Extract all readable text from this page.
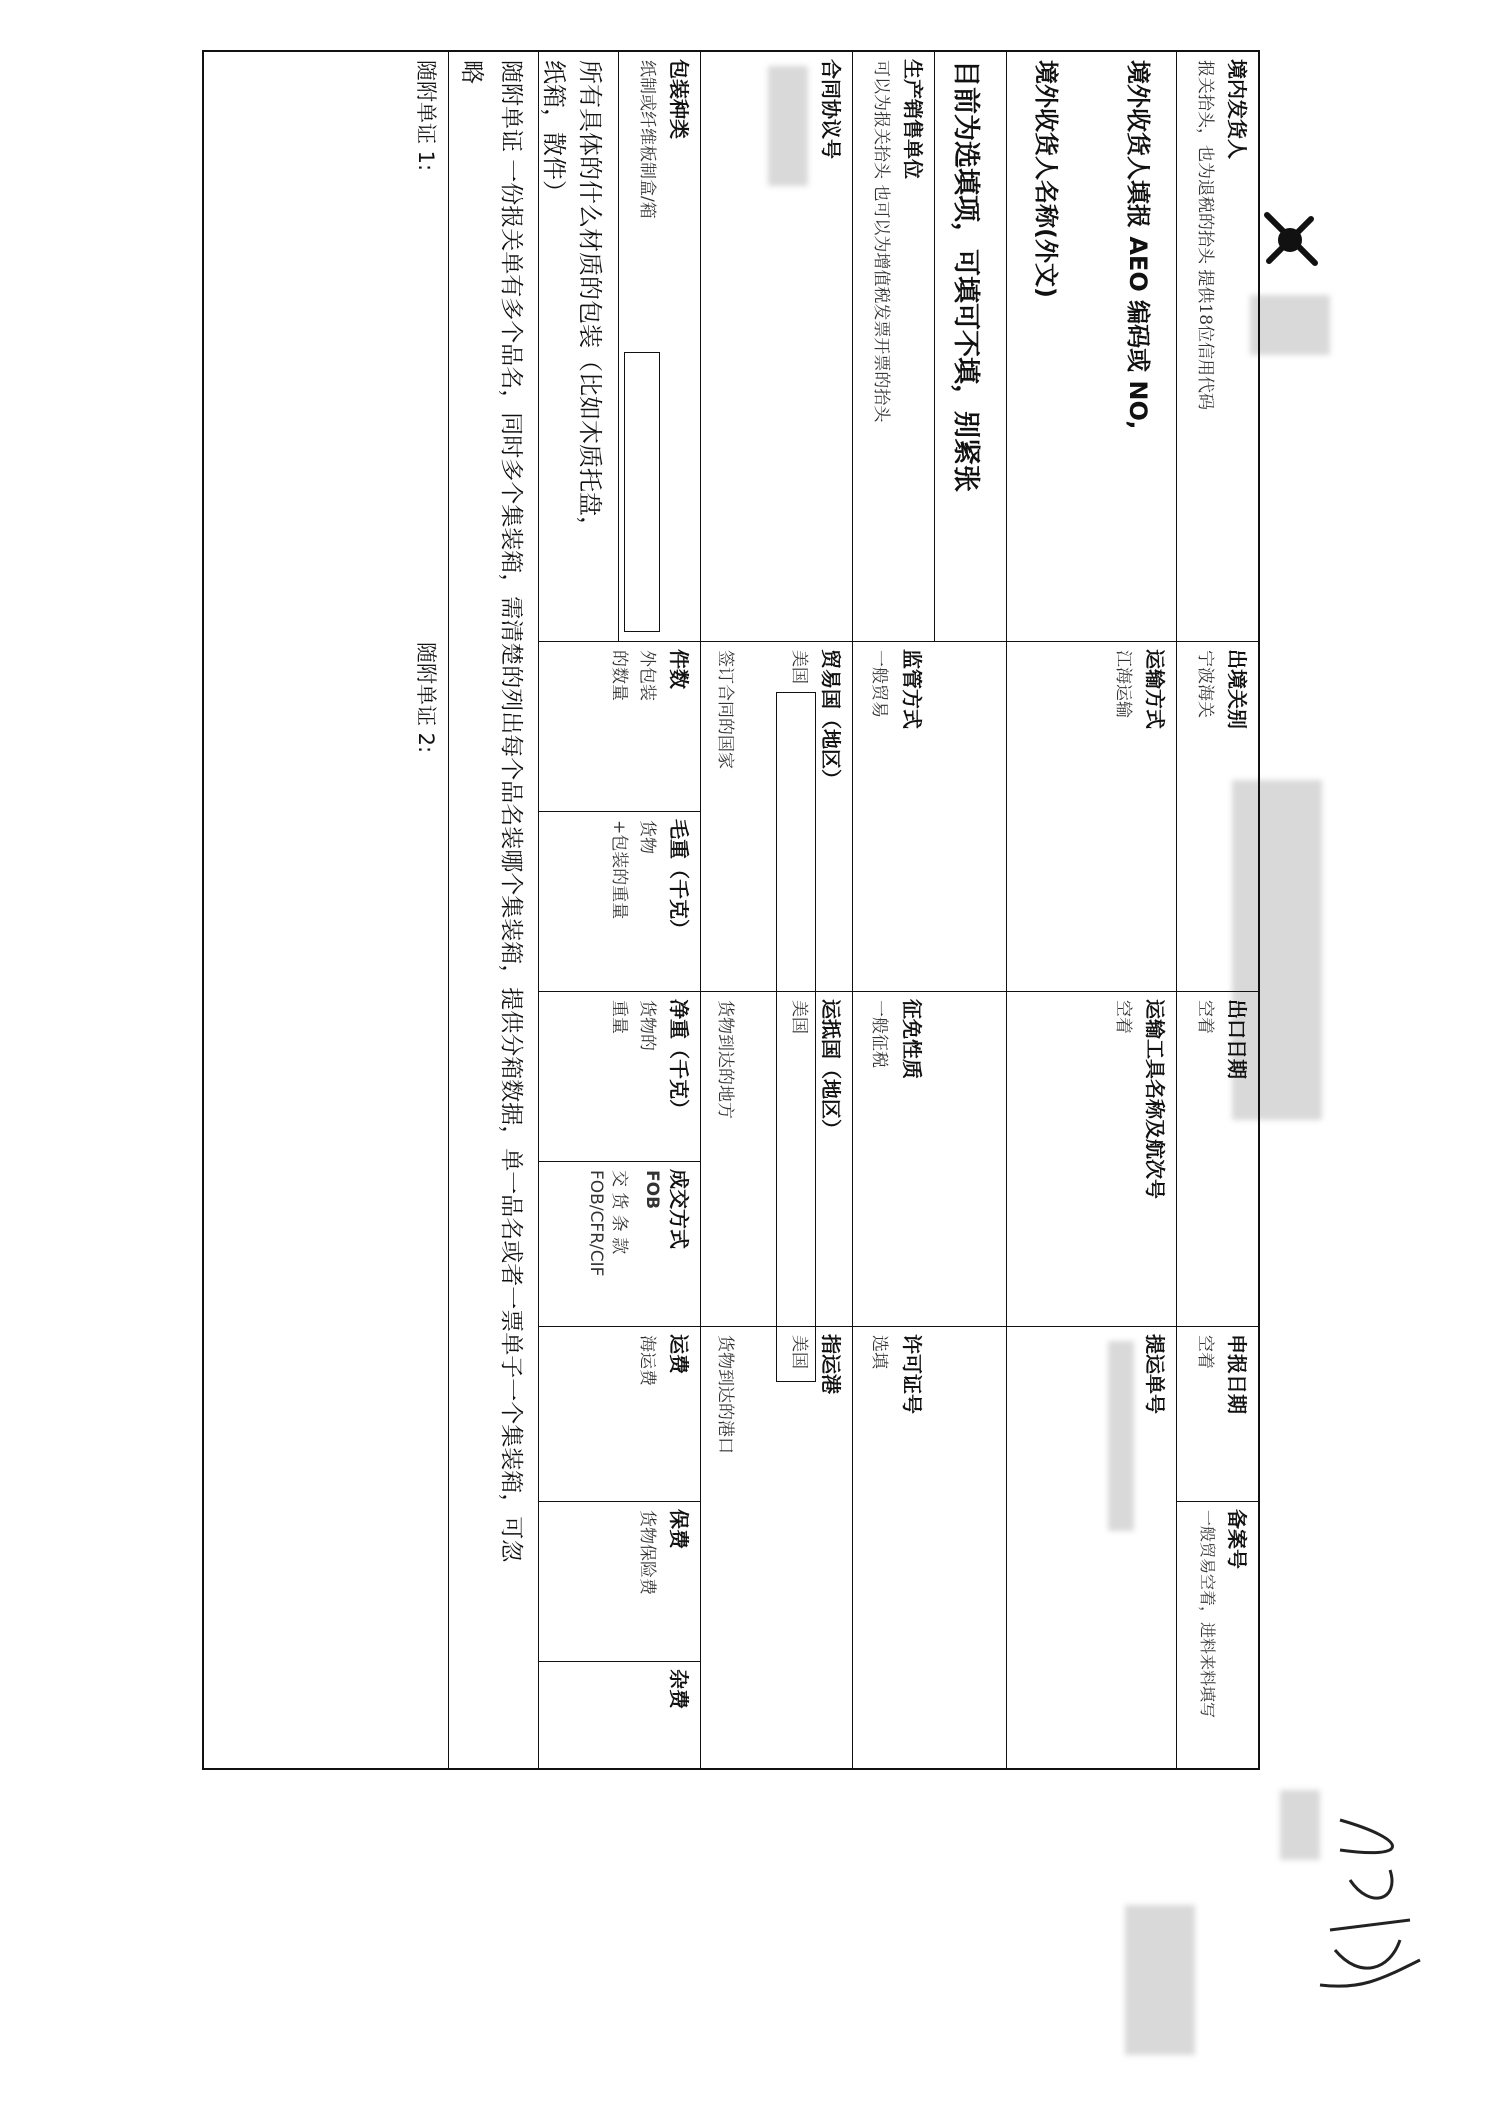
境内发货人
报关抬头，也为退税的抬头 提供18位信用代码
出境关别
宁波海关
出口日期
空着
申报日期
空着
备案号
一般贸易空着，进料来料填写
境外收货人填报 AEO 编码或 NO,
境外收货人名称(外文)
运输方式
江海运输
运输工具名称及航次号
空着
提运单号
目前为选填项，可填可不填，别紧张
生产销售单位
可以为报关抬头 也可以为增值税发票开票的抬头
监管方式
一般贸易
征免性质
一般征税
许可证号
选填
合同协议号
贸易国（地区）
美国
签订合同的国家
运抵国（地区）
美国
货物到达的地方
指运港
美国
货物到达的港口
包装种类
纸制或纤维板制盒/箱
件数
外包装
的数量
毛重（千克）
货物
+包装的重量
净重（千克）
货物的
重量
成交方式
FOB
交 货 条 款
FOB/CFR/CIF
运费
海运费
保费
货物保险费
杂费
所有具体的什么材质的包装（比如木质托盘，
纸箱，散件）
随附单证 一份报关单有多个品名，同时多个集装箱，需清楚的列出每个品名装哪个集装箱，提供分箱数据，单一品名或者一票单子一个集装箱，可忽
略
随附单证 1:
随附单证 2:
